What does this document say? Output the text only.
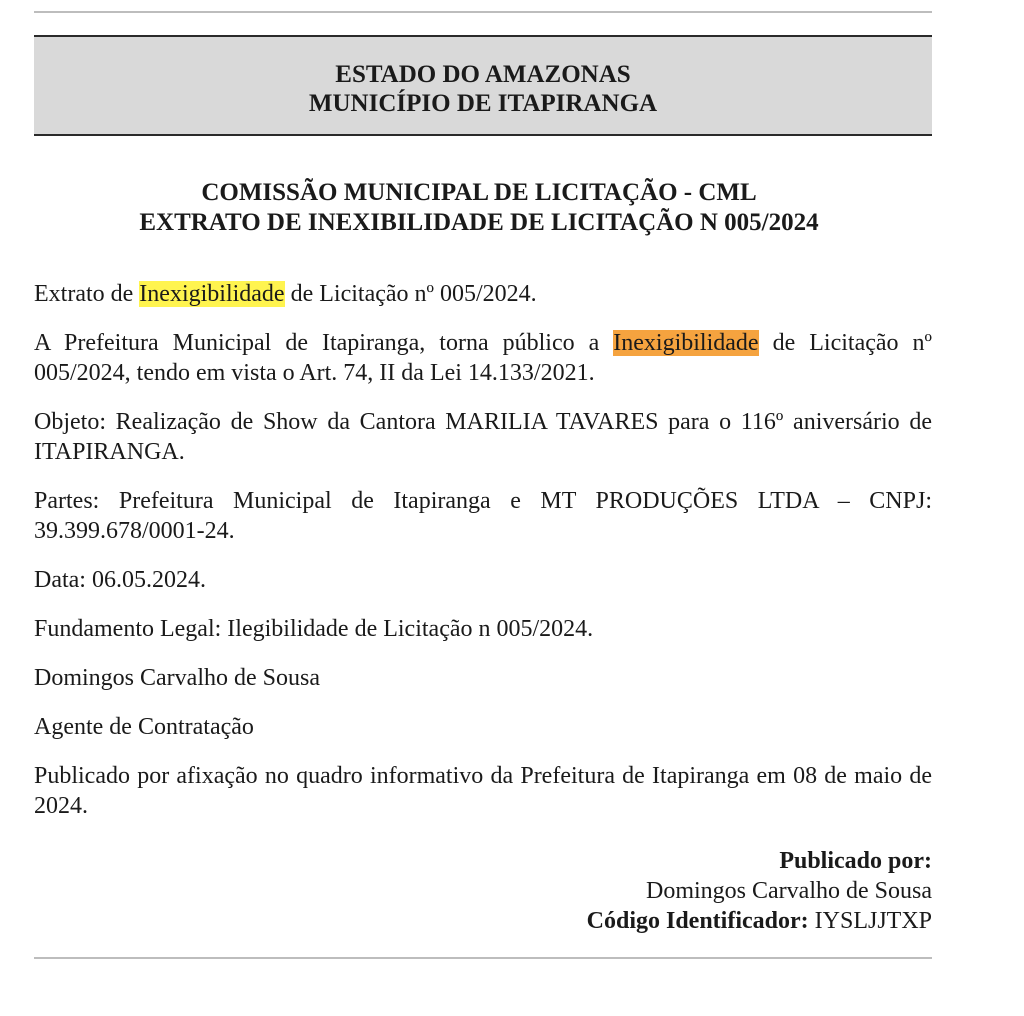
ESTADO DO AMAZONAS
MUNICÍPIO DE ITAPIRANGA
COMISSÃO MUNICIPAL DE LICITAÇÃO - CML
EXTRATO DE INEXIBILIDADE DE LICITAÇÃO N 005/2024

Extrato de Inexigibilidade de Licitação nº 005/2024.

A Prefeitura Municipal de Itapiranga, torna público a Inexigibilidade de Licitação nº 005/2024, tendo em vista o Art. 74, II da Lei 14.133/2021.

Objeto: Realização de Show da Cantora MARILIA TAVARES para o 116º aniversário de ITAPIRANGA.

Partes: Prefeitura Municipal de Itapiranga e MT PRODUÇÕES LTDA – CNPJ: 39.399.678/0001-24.

Data: 06.05.2024.

Fundamento Legal: Ilegibilidade de Licitação n 005/2024.

Domingos Carvalho de Sousa

Agente de Contratação

Publicado por afixação no quadro informativo da Prefeitura de Itapiranga em 08 de maio de 2024.

Publicado por:
Domingos Carvalho de Sousa
Código Identificador: IYSLJJTXP
